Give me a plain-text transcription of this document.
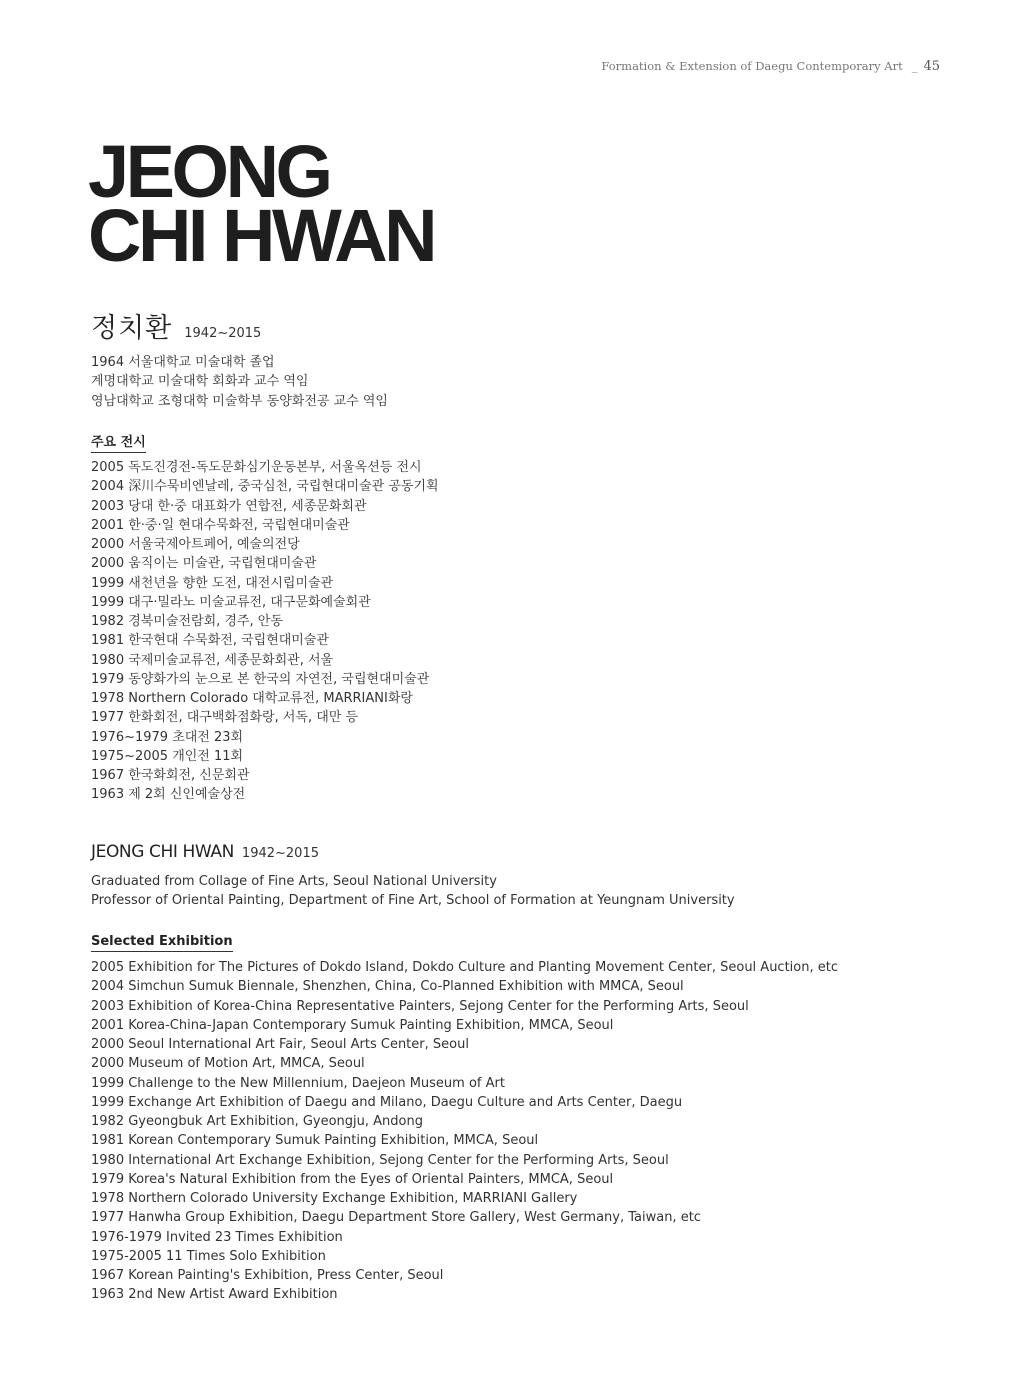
Formation & Extension of Daegu Contemporary Art _ 45
JEONG
CHI HWAN
정치환 1942~2015
1964 서울대학교 미술대학 졸업
계명대학교 미술대학 회화과 교수 역임
영남대학교 조형대학 미술학부 동양화전공 교수 역임
주요 전시
2005 독도진경전-독도문화심기운동본부, 서울옥션등 전시
2004 深川수묵비엔날레, 중국심천, 국립현대미술관 공동기획
2003 당대 한·중 대표화가 연합전, 세종문화회관
2001 한·중·일 현대수묵화전, 국립현대미술관
2000 서울국제아트페어, 예술의전당
2000 움직이는 미술관, 국립현대미술관
1999 새천년을 향한 도전, 대전시립미술관
1999 대구·밀라노 미술교류전, 대구문화예술회관
1982 경북미술전람회, 경주, 안동
1981 한국현대 수묵화전, 국립현대미술관
1980 국제미술교류전, 세종문화회관, 서울
1979 동양화가의 눈으로 본 한국의 자연전, 국립현대미술관
1978 Northern Colorado 대학교류전, MARRIANI화랑
1977 한화회전, 대구백화점화랑, 서독, 대만 등
1976~1979 초대전 23회
1975~2005 개인전 11회
1967 한국화회전, 신문회관
1963 제 2회 신인예술상전
JEONG CHI HWAN 1942~2015
Graduated from Collage of Fine Arts, Seoul National University
Professor of Oriental Painting, Department of Fine Art, School of Formation at Yeungnam University
Selected Exhibition
2005 Exhibition for The Pictures of Dokdo Island, Dokdo Culture and Planting Movement Center, Seoul Auction, etc
2004 Simchun Sumuk Biennale, Shenzhen, China, Co-Planned Exhibition with MMCA, Seoul
2003 Exhibition of Korea-China Representative Painters, Sejong Center for the Performing Arts, Seoul
2001 Korea-China-Japan Contemporary Sumuk Painting Exhibition, MMCA, Seoul
2000 Seoul International Art Fair, Seoul Arts Center, Seoul
2000 Museum of Motion Art, MMCA, Seoul
1999 Challenge to the New Millennium, Daejeon Museum of Art
1999 Exchange Art Exhibition of Daegu and Milano, Daegu Culture and Arts Center, Daegu
1982 Gyeongbuk Art Exhibition, Gyeongju, Andong
1981 Korean Contemporary Sumuk Painting Exhibition, MMCA, Seoul
1980 International Art Exchange Exhibition, Sejong Center for the Performing Arts, Seoul
1979 Korea's Natural Exhibition from the Eyes of Oriental Painters, MMCA, Seoul
1978 Northern Colorado University Exchange Exhibition, MARRIANI Gallery
1977 Hanwha Group Exhibition, Daegu Department Store Gallery, West Germany, Taiwan, etc
1976-1979 Invited 23 Times Exhibition
1975-2005 11 Times Solo Exhibition
1967 Korean Painting's Exhibition, Press Center, Seoul
1963 2nd New Artist Award Exhibition
